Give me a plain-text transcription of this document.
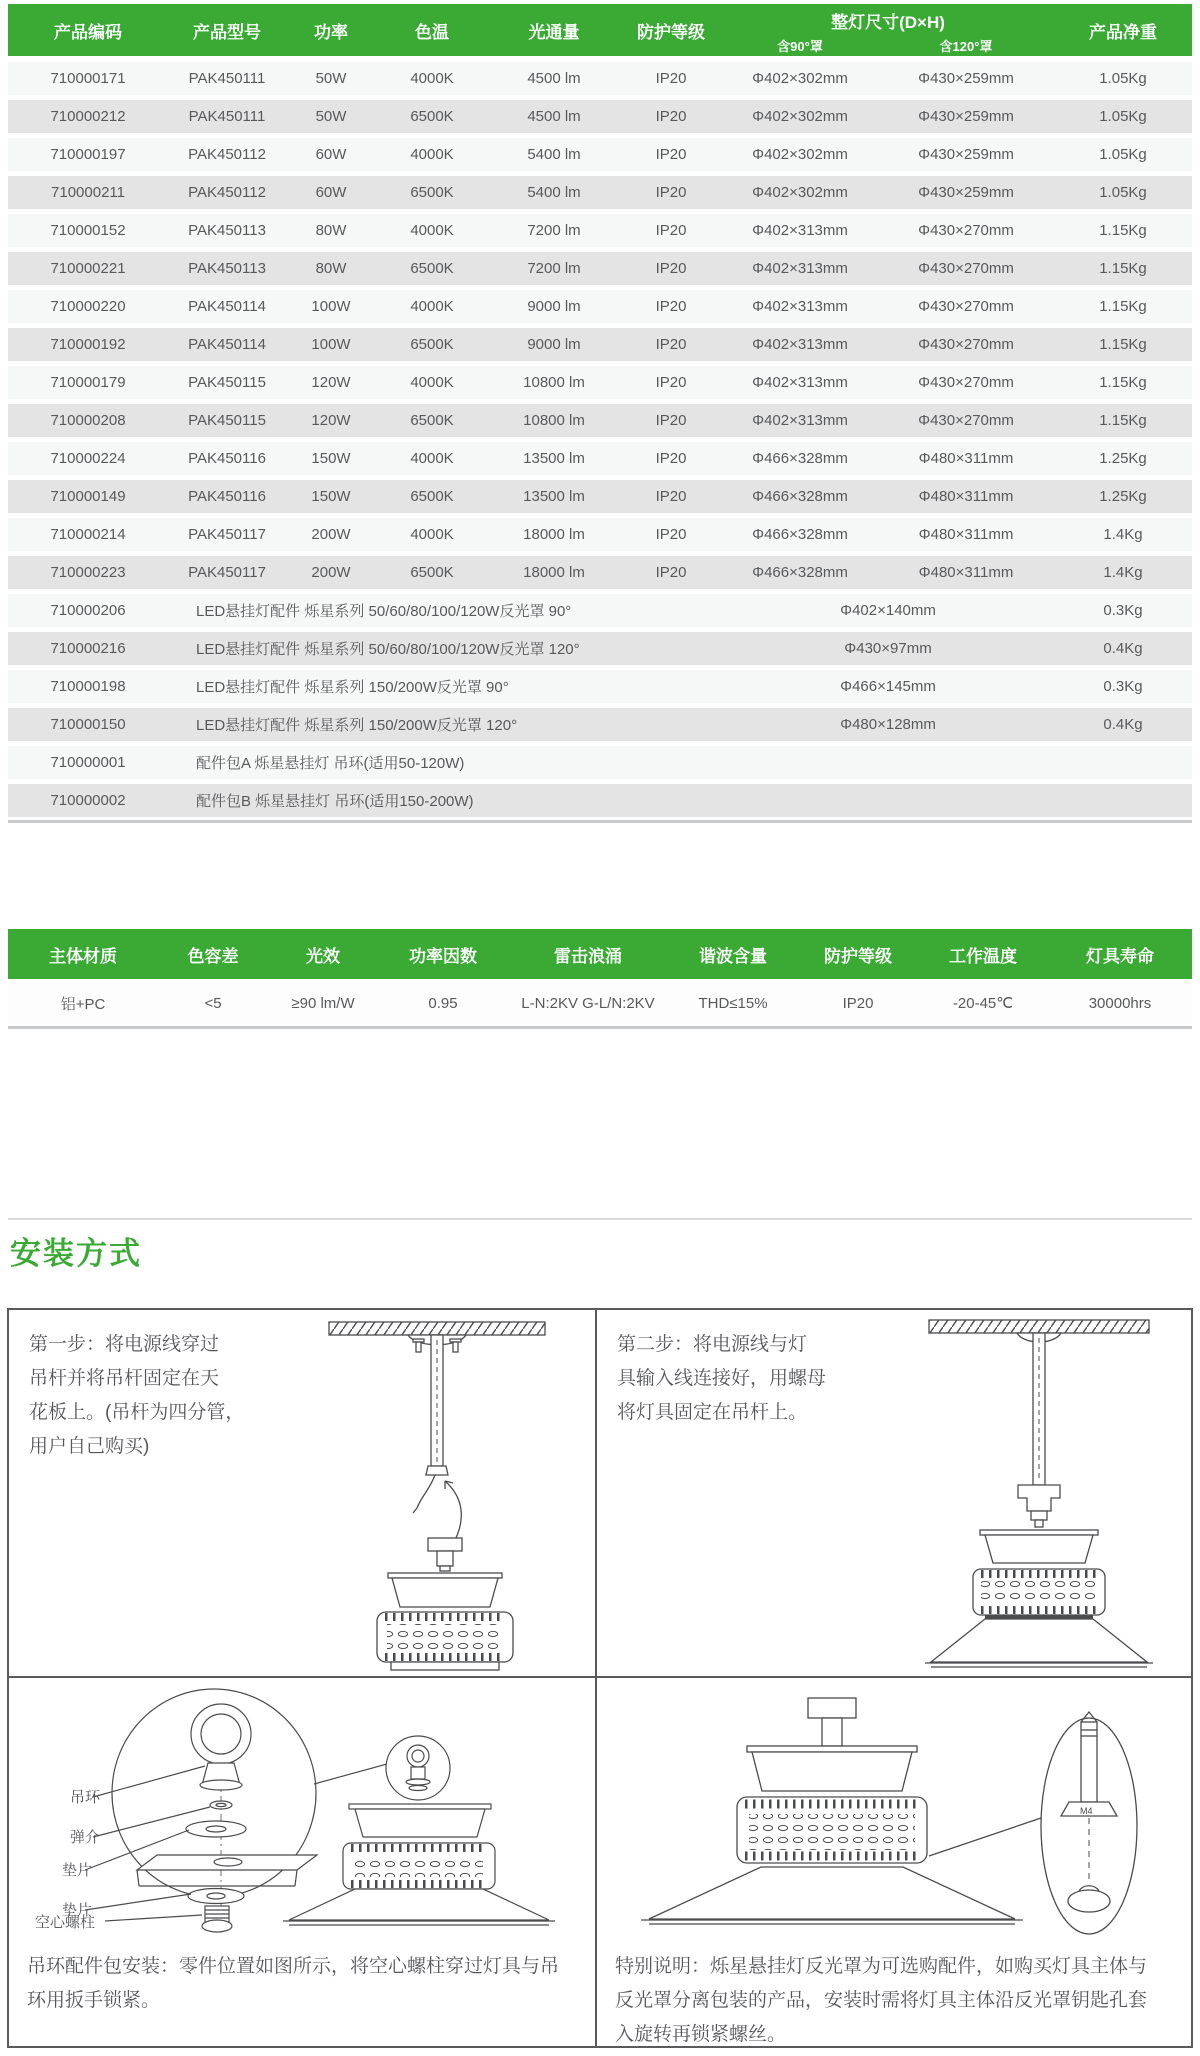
产品编码	产品型号	功率	色温	光通量	防护等级	整灯尺寸(D×H)		产品净重
						含90°罩	含120°罩	
710000171	PAK450111	50W	4000K	4500 lm	IP20	Φ402×302mm	Φ430×259mm	1.05Kg
710000212	PAK450111	50W	6500K	4500 lm	IP20	Φ402×302mm	Φ430×259mm	1.05Kg
710000197	PAK450112	60W	4000K	5400 lm	IP20	Φ402×302mm	Φ430×259mm	1.05Kg
710000211	PAK450112	60W	6500K	5400 lm	IP20	Φ402×302mm	Φ430×259mm	1.05Kg
710000152	PAK450113	80W	4000K	7200 lm	IP20	Φ402×313mm	Φ430×270mm	1.15Kg
710000221	PAK450113	80W	6500K	7200 lm	IP20	Φ402×313mm	Φ430×270mm	1.15Kg
710000220	PAK450114	100W	4000K	9000 lm	IP20	Φ402×313mm	Φ430×270mm	1.15Kg
710000192	PAK450114	100W	6500K	9000 lm	IP20	Φ402×313mm	Φ430×270mm	1.15Kg
710000179	PAK450115	120W	4000K	10800 lm	IP20	Φ402×313mm	Φ430×270mm	1.15Kg
710000208	PAK450115	120W	6500K	10800 lm	IP20	Φ402×313mm	Φ430×270mm	1.15Kg
710000224	PAK450116	150W	4000K	13500 lm	IP20	Φ466×328mm	Φ480×311mm	1.25Kg
710000149	PAK450116	150W	6500K	13500 lm	IP20	Φ466×328mm	Φ480×311mm	1.25Kg
710000214	PAK450117	200W	4000K	18000 lm	IP20	Φ466×328mm	Φ480×311mm	1.4Kg
710000223	PAK450117	200W	6500K	18000 lm	IP20	Φ466×328mm	Φ480×311mm	1.4Kg
710000206	LED悬挂灯配件 烁星系列 50/60/80/100/120W反光罩 90°					Φ402×140mm		0.3Kg
710000216	LED悬挂灯配件 烁星系列 50/60/80/100/120W反光罩 120°					Φ430×97mm		0.4Kg
710000198	LED悬挂灯配件 烁星系列 150/200W反光罩 90°					Φ466×145mm		0.3Kg
710000150	LED悬挂灯配件 烁星系列 150/200W反光罩 120°					Φ480×128mm		0.4Kg
710000001	配件包A 烁星悬挂灯 吊环(适用50-120W)							
710000002	配件包B 烁星悬挂灯 吊环(适用150-200W)							
主体材质	色容差	光效	功率因数	雷击浪涌	谐波含量	防护等级	工作温度	灯具寿命
铝+PC	<5	≥90 lm/W	0.95	L-N:2KV G-L/N:2KV	THD≤15%	IP20	-20-45℃	30000hrs
安装方式
第一步：将电源线穿过
吊杆并将吊杆固定在天
花板上。(吊杆为四分管，
用户自己购买)
第二步：将电源线与灯
具输入线连接好，用螺母
将灯具固定在吊杆上。
吊环
弹介
垫片
垫片
空心螺柱
吊环配件包安装：零件位置如图所示，将空心螺柱穿过灯具与吊
环用扳手锁紧。
M4
特别说明：烁星悬挂灯反光罩为可选购配件，如购买灯具主体与
反光罩分离包装的产品，安装时需将灯具主体沿反光罩钥匙孔套
入旋转再锁紧螺丝。
